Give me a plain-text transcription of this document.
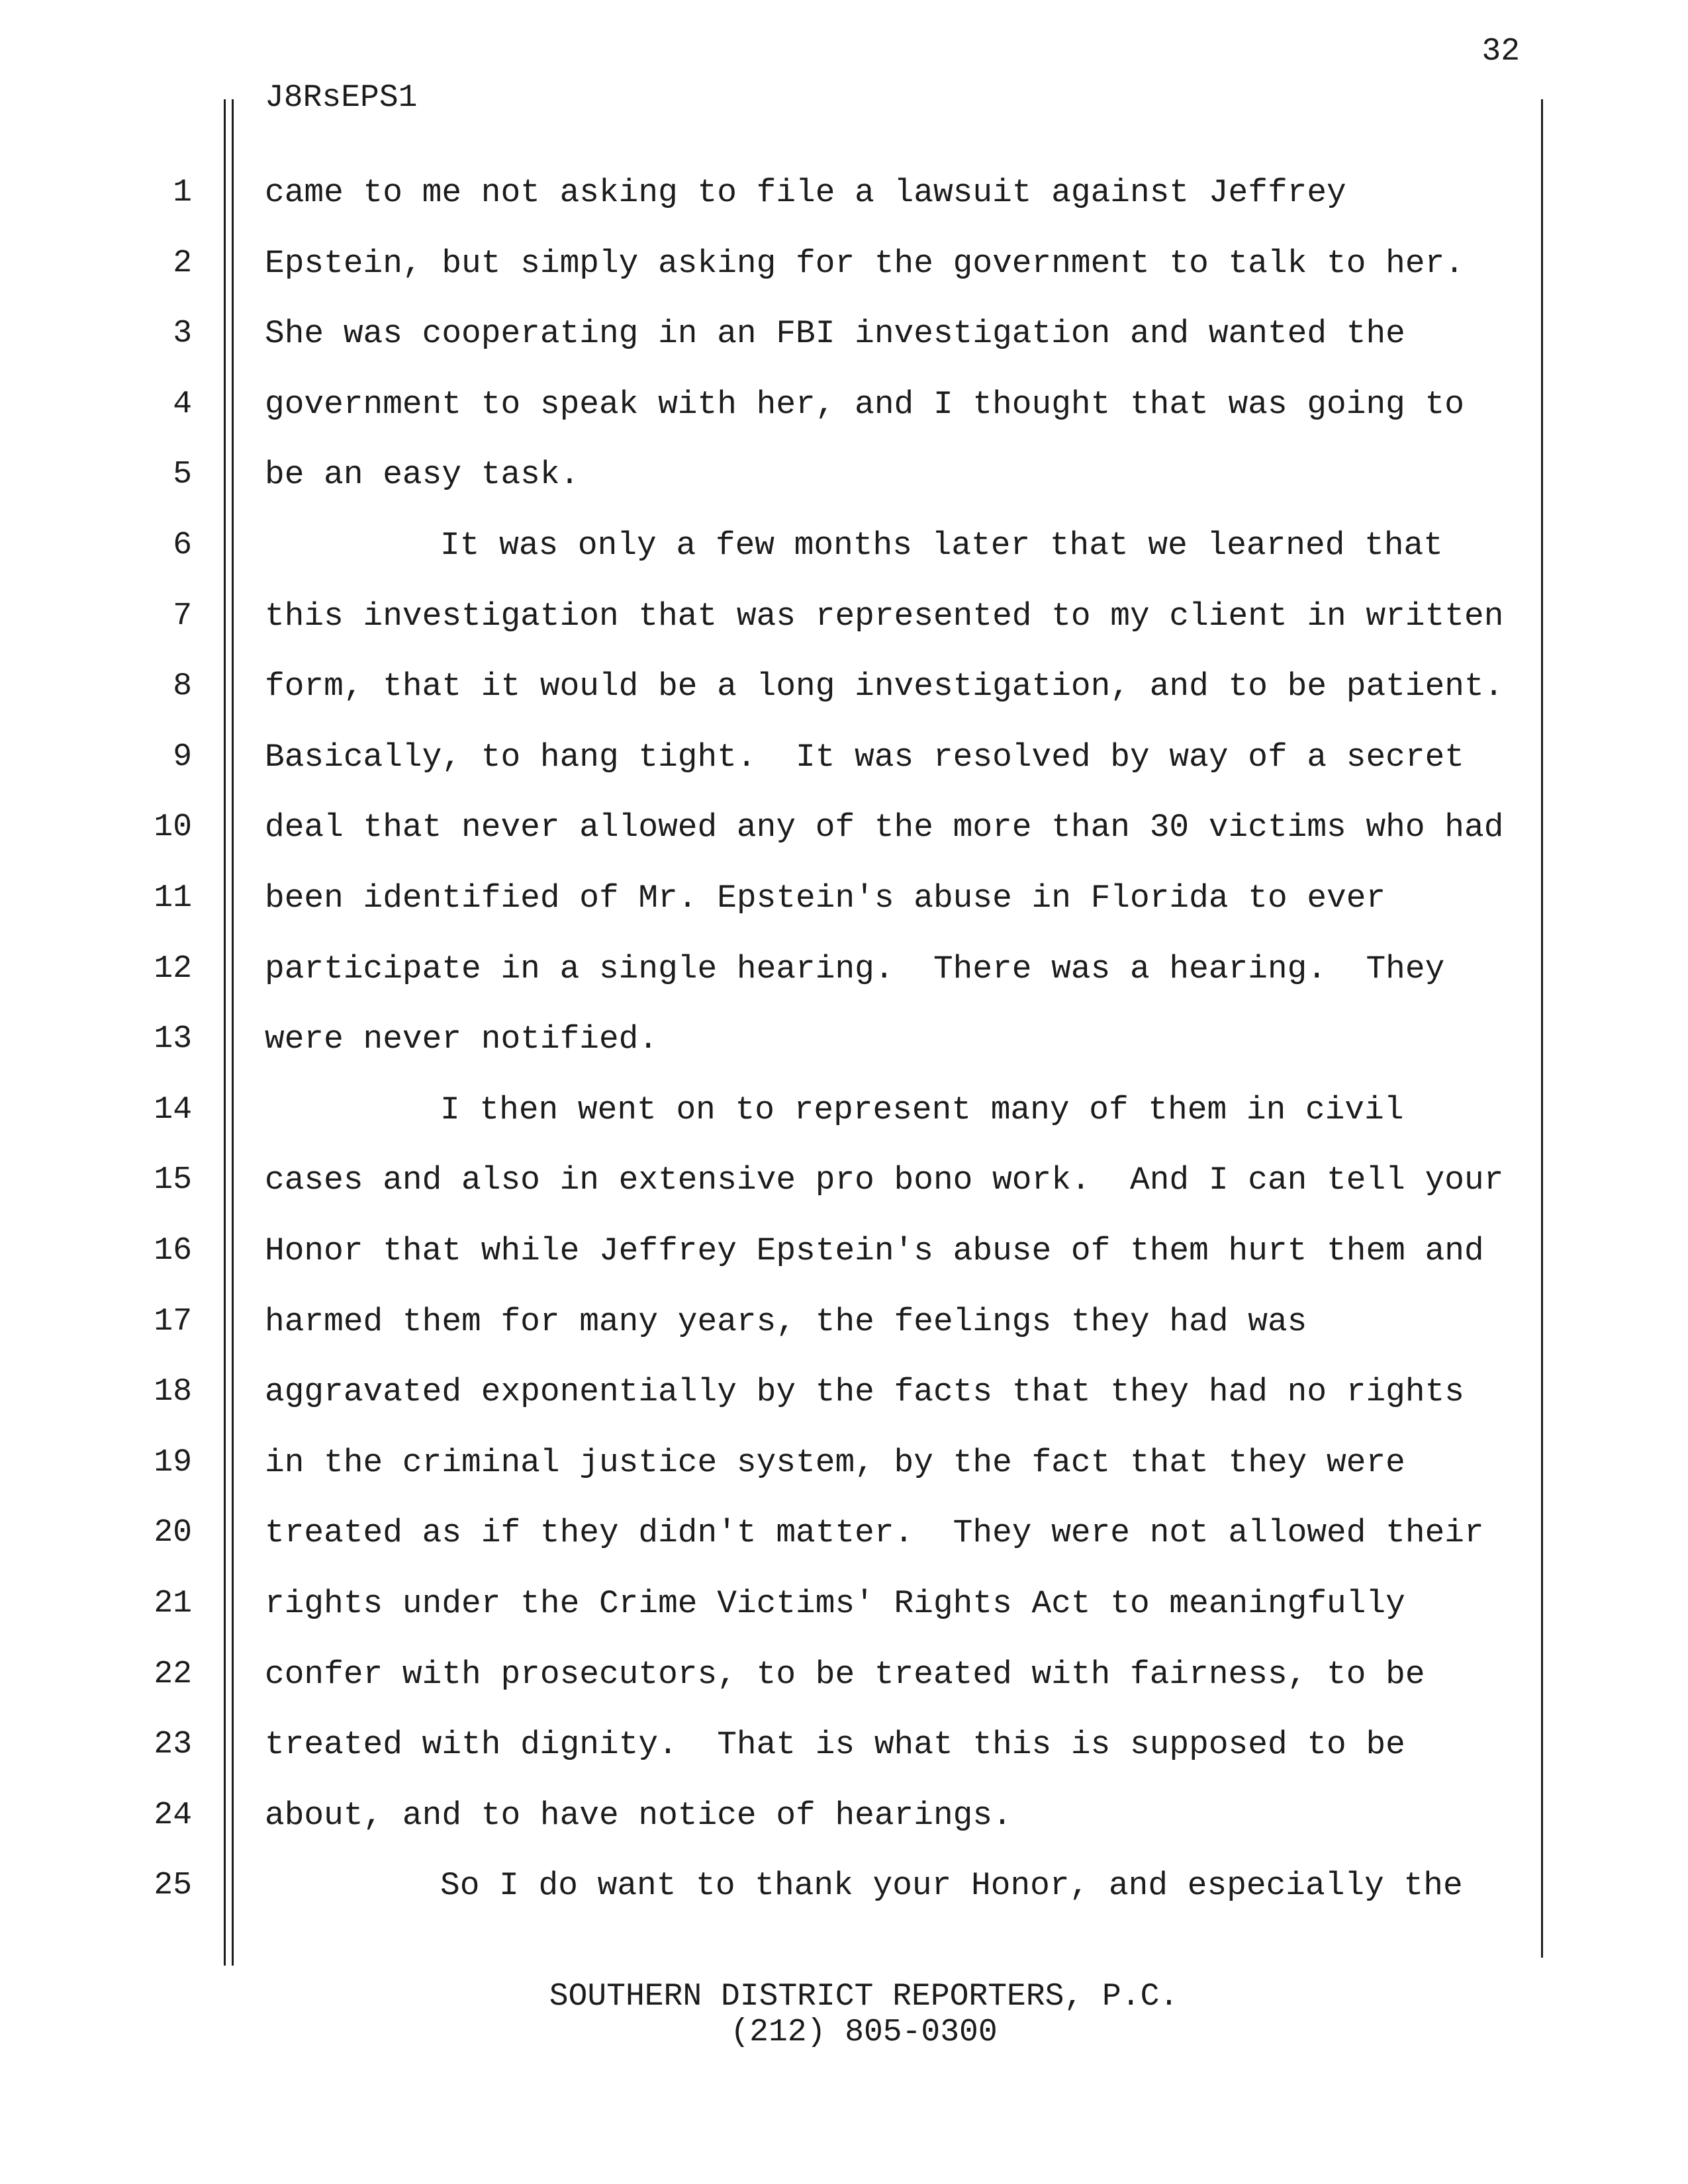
32
J8RsEPS1
1 came to me not asking to file a lawsuit against Jeffrey
2 Epstein, but simply asking for the government to talk to her.
3 She was cooperating in an FBI investigation and wanted the
4 government to speak with her, and I thought that was going to
5 be an easy task.
6	It was only a few months later that we learned that
7 this investigation that was represented to my client in written
8 form, that it would be a long investigation, and to be patient.
9 Basically, to hang tight.  It was resolved by way of a secret
10 deal that never allowed any of the more than 30 victims who had
11 been identified of Mr. Epstein's abuse in Florida to ever
12 participate in a single hearing.  There was a hearing.  They
13 were never notified.
14	I then went on to represent many of them in civil
15 cases and also in extensive pro bono work.  And I can tell your
16 Honor that while Jeffrey Epstein's abuse of them hurt them and
17 harmed them for many years, the feelings they had was
18 aggravated exponentially by the facts that they had no rights
19 in the criminal justice system, by the fact that they were
20 treated as if they didn't matter.  They were not allowed their
21 rights under the Crime Victims' Rights Act to meaningfully
22 confer with prosecutors, to be treated with fairness, to be
23 treated with dignity.  That is what this is supposed to be
24 about, and to have notice of hearings.
25	So I do want to thank your Honor, and especially the
SOUTHERN DISTRICT REPORTERS, P.C.
(212) 805-0300
